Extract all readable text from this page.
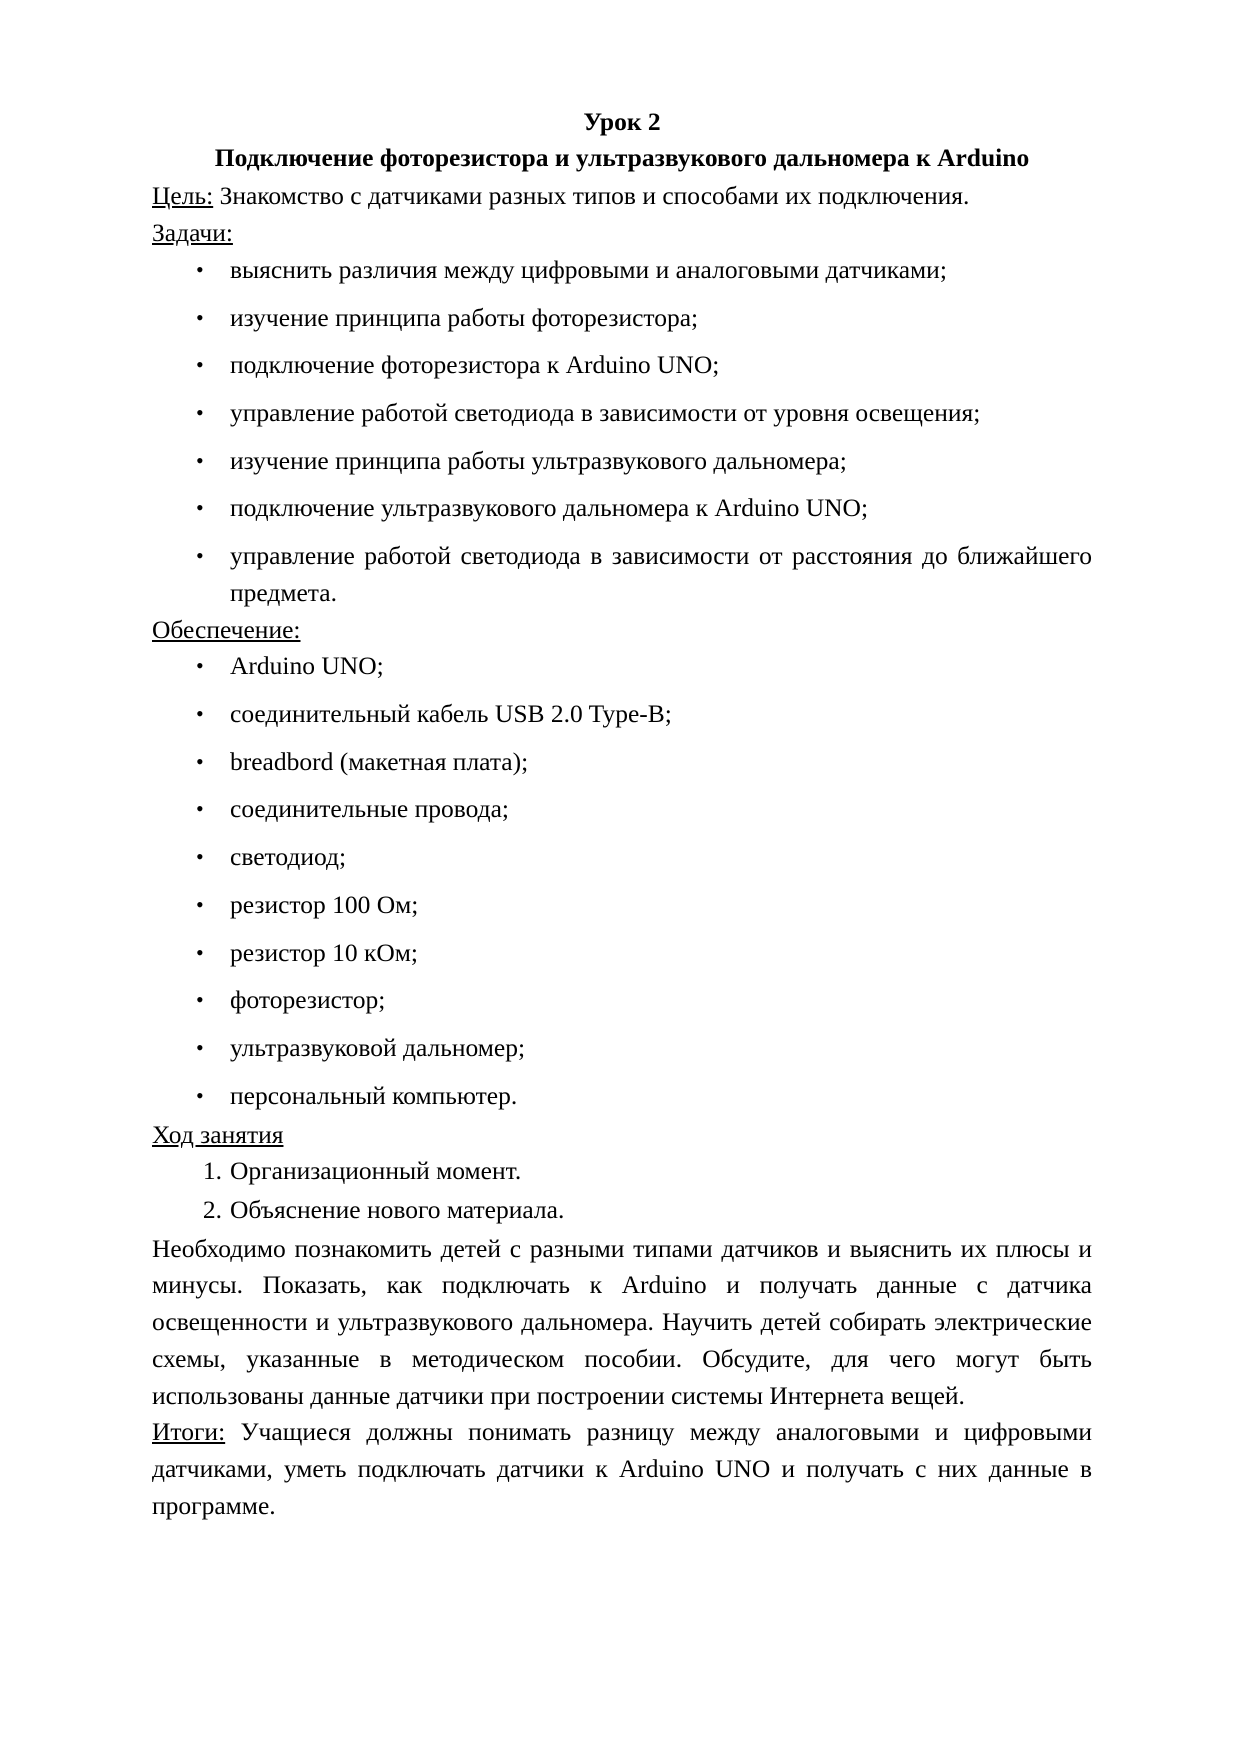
Урок 2
Подключение фоторезистора и ультразвукового дальномера к Arduino

Цель: Знакомство с датчиками разных типов и способами их подключения.

Задачи:

• выяснить различия между цифровыми и аналоговыми датчиками;
• изучение принципа работы фоторезистора;
• подключение фоторезистора к Arduino UNO;
• управление работой светодиода в зависимости от уровня освещения;
• изучение принципа работы ультразвукового дальномера;
• подключение ультразвукового дальномера к Arduino UNO;
• управление работой светодиода в зависимости от расстояния до ближайшего предмета.

Обеспечение:

• Arduino UNO;
• соединительный кабель USB 2.0 Type-B;
• breadbord (макетная плата);
• соединительные провода;
• светодиод;
• резистор 100 Ом;
• резистор 10 кОм;
• фоторезистор;
• ультразвуковой дальномер;
• персональный компьютер.

Ход занятия

1. Организационный момент.
2. Объяснение нового материала.

Необходимо познакомить детей с разными типами датчиков и выяснить их плюсы и минусы. Показать, как подключать к Arduino и получать данные с датчика освещенности и ультразвукового дальномера. Научить детей собирать электрические схемы, указанные в методическом пособии. Обсудите, для чего могут быть использованы данные датчики при построении системы Интернета вещей.

Итоги: Учащиеся должны понимать разницу между аналоговыми и цифровыми датчиками, уметь подключать датчики к Arduino UNO и получать с них данные в программе.
